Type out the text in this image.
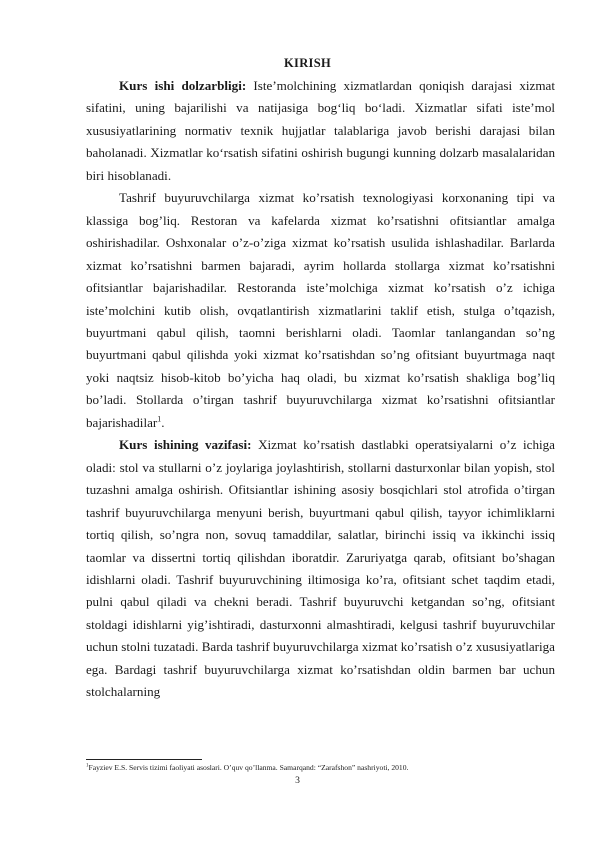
KIRISH

Kurs ishi dolzarbligi: Iste’molchining xizmatlardan qoniqish darajasi xizmat sifatini, uning bajarilishi va natijasiga bog‘liq bo‘ladi. Xizmatlar sifati iste’mol xususiyatlarining normativ texnik hujjatlar talablariga javob berishi darajasi bilan baholanadi. Xizmatlar ko‘rsatish sifatini oshirish bugungi kunning dolzarb masalalaridan biri hisoblanadi.

Tashrif buyuruvchilarga xizmat ko’rsatish texnologiyasi korxonaning tipi va klassiga bog’liq. Restoran va kafelarda xizmat ko’rsatishni ofitsiantlar amalga oshirishadilar. Oshxonalar o’z-o’ziga xizmat ko’rsatish usulida ishlashadilar. Barlarda xizmat ko’rsatishni barmen bajaradi, ayrim hollarda stollarga xizmat ko’rsatishni ofitsiantlar bajarishadilar. Restoranda iste’molchiga xizmat ko’rsatish o’z ichiga iste’molchini kutib olish, ovqatlantirish xizmatlarini taklif etish, stulga o’tqazish, buyurtmani qabul qilish, taomni berishlarni oladi. Taomlar tanlangandan so’ng buyurtmani qabul qilishda yoki xizmat ko’rsatishdan so’ng ofitsiant buyurtmaga naqt yoki naqtsiz hisob-kitob bo’yicha haq oladi, bu xizmat ko’rsatish shakliga bog’liq bo’ladi. Stollarda o’tirgan tashrif buyuruvchilarga xizmat ko’rsatishni ofitsiantlar bajarishadilar$^1$.

Kurs ishining vazifasi: Xizmat ko’rsatish dastlabki operatsiyalarni o’z ichiga oladi: stol va stullarni o’z joylariga joylashtirish, stollarni dasturxonlar bilan yopish, stol tuzashni amalga oshirish. Ofitsiantlar ishining asosiy bosqichlari stol atrofida o’tirgan tashrif buyuruvchilarga menyuni berish, buyurtmani qabul qilish, tayyor ichimliklarni tortiq qilish, so’ngra non, sovuq tamaddilar, salatlar, birinchi issiq va ikkinchi issiq taomlar va dissertni tortiq qilishdan iboratdir. Zaruriyatga qarab, ofitsiant bo’shagan idishlarni oladi. Tashrif buyuruvchining iltimosiga ko’ra, ofitsiant schet taqdim etadi, pulni qabul qiladi va chekni beradi. Tashrif buyuruvchi ketgandan so’ng, ofitsiant stoldagi idishlarni yig’ishtiradi, dasturxonni almashtiradi, kelgusi tashrif buyuruvchilar uchun stolni tuzatadi. Barda tashrif buyuruvchilarga xizmat ko’rsatish o’z xususiyatlariga ega. Bardagi tashrif buyuruvchilarga xizmat ko’rsatishdan oldin barmen bar uchun stolchalarning

$^1$Fayziev E.S. Servis tizimi faoliyati asoslari. O’quv qo’llanma. Samarqand: “Zarafshon” nashriyoti, 2010.
3
